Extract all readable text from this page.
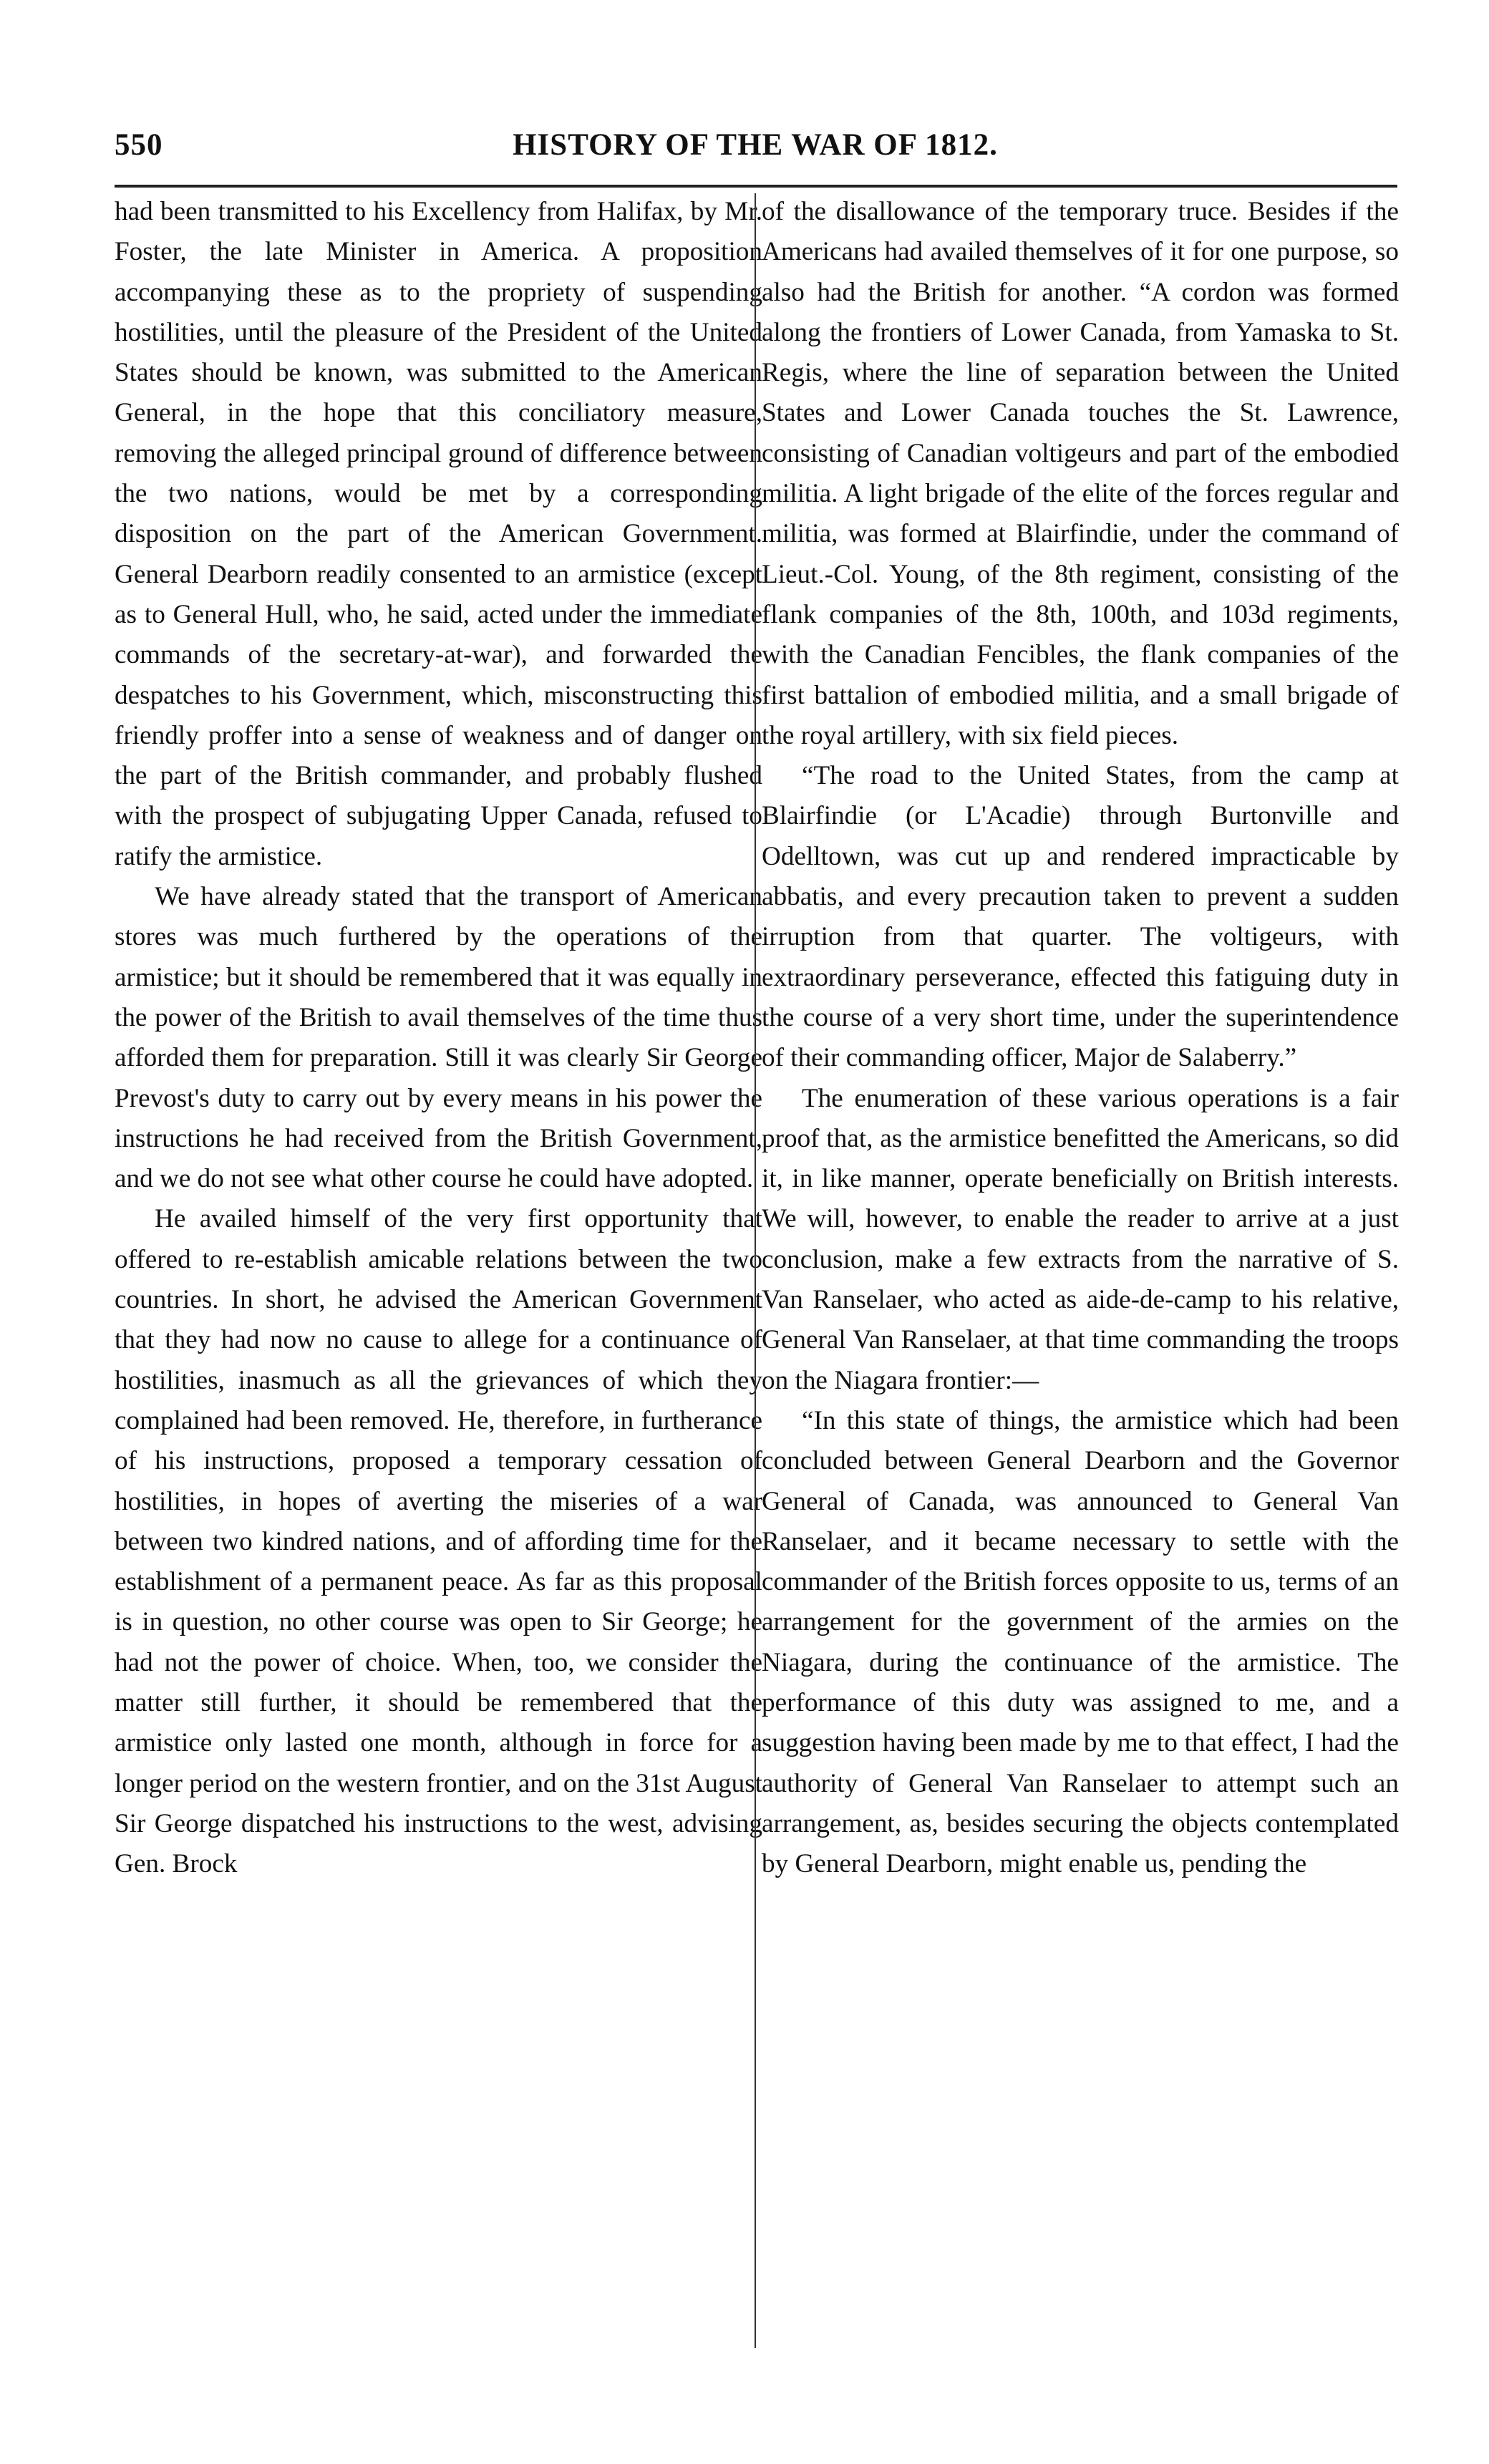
550	HISTORY OF THE WAR OF 1812.

had been transmitted to his Excellency from Halifax, by Mr. Foster, the late Minister in America. A proposition accompanying these as to the propriety of suspending hostilities, until the pleasure of the President of the United States should be known, was submitted to the American General, in the hope that this conciliatory measure, removing the alleged principal ground of difference between the two nations, would be met by a corresponding disposition on the part of the American Government. General Dearborn readily consented to an armistice (except as to General Hull, who, he said, acted under the immediate commands of the secretary-at-war), and forwarded the despatches to his Government, which, misconstructing this friendly proffer into a sense of weakness and of danger on the part of the British commander, and probably flushed with the prospect of subjugating Upper Canada, refused to ratify the armistice.

We have already stated that the transport of American stores was much furthered by the operations of the armistice; but it should be remembered that it was equally in the power of the British to avail themselves of the time thus afforded them for preparation. Still it was clearly Sir George Prevost's duty to carry out by every means in his power the instructions he had received from the British Government, and we do not see what other course he could have adopted.

He availed himself of the very first opportunity that offered to re-establish amicable relations between the two countries. In short, he advised the American Government that they had now no cause to allege for a continuance of hostilities, inasmuch as all the grievances of which they complained had been removed. He, therefore, in furtherance of his instructions, proposed a temporary cessation of hostilities, in hopes of averting the miseries of a war between two kindred nations, and of affording time for the establishment of a permanent peace. As far as this proposal is in question, no other course was open to Sir George; he had not the power of choice. When, too, we consider the matter still further, it should be remembered that the armistice only lasted one month, although in force for a longer period on the western frontier, and on the 31st August Sir George dispatched his instructions to the west, advising Gen. Brock

of the disallowance of the temporary truce. Besides if the Americans had availed themselves of it for one purpose, so also had the British for another. “A cordon was formed along the frontiers of Lower Canada, from Yamaska to St. Regis, where the line of separation between the United States and Lower Canada touches the St. Lawrence, consisting of Canadian voltigeurs and part of the embodied militia. A light brigade of the elite of the forces regular and militia, was formed at Blairfindie, under the command of Lieut.-Col. Young, of the 8th regiment, consisting of the flank companies of the 8th, 100th, and 103d regiments, with the Canadian Fencibles, the flank companies of the first battalion of embodied militia, and a small brigade of the royal artillery, with six field pieces.

“The road to the United States, from the camp at Blairfindie (or L'Acadie) through Burtonville and Odelltown, was cut up and rendered impracticable by abbatis, and every precaution taken to prevent a sudden irruption from that quarter. The voltigeurs, with extraordinary perseverance, effected this fatiguing duty in the course of a very short time, under the superintendence of their commanding officer, Major de Salaberry.”

The enumeration of these various operations is a fair proof that, as the armistice benefitted the Americans, so did it, in like manner, operate beneficially on British interests. We will, however, to enable the reader to arrive at a just conclusion, make a few extracts from the narrative of S. Van Ranselaer, who acted as aide-de-camp to his relative, General Van Ranselaer, at that time commanding the troops on the Niagara frontier:—

“In this state of things, the armistice which had been concluded between General Dearborn and the Governor General of Canada, was announced to General Van Ranselaer, and it became necessary to settle with the commander of the British forces opposite to us, terms of an arrangement for the government of the armies on the Niagara, during the continuance of the armistice. The performance of this duty was assigned to me, and a suggestion having been made by me to that effect, I had the authority of General Van Ranselaer to attempt such an arrangement, as, besides securing the objects contemplated by General Dearborn, might enable us, pending the
